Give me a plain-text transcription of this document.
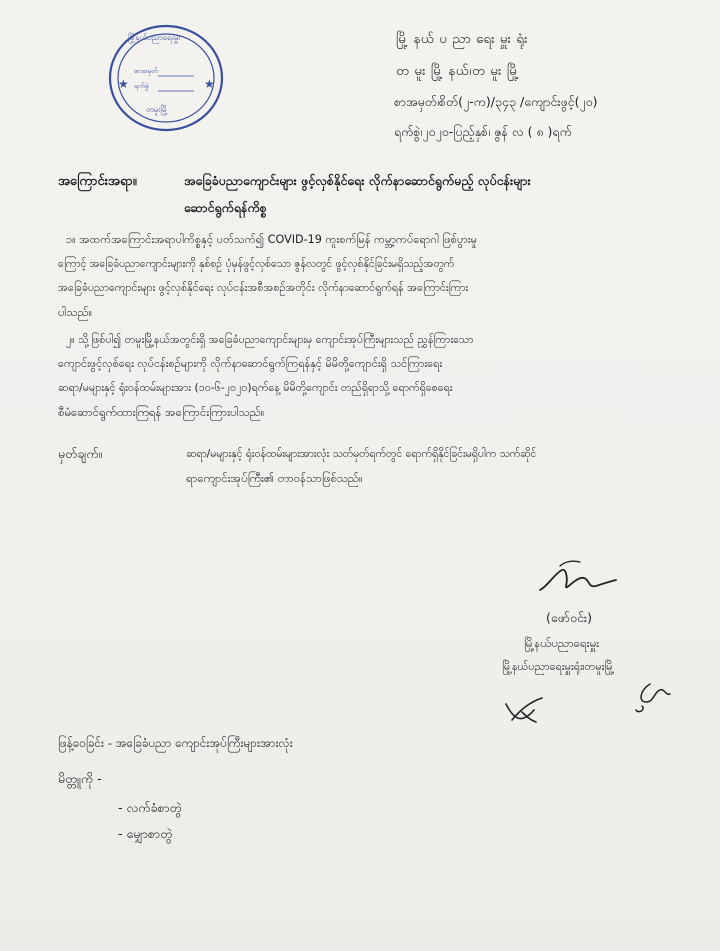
★	★
မြို့နယ်ပညာရေးမှူး
စာအမှတ်
ရက်စွဲ
တမူးမြို့
မြို့ နယ် ပ ညာ ရေး မှူး ရုံး
တ မူး မြို့ နယ်၊တ မူး မြို့
စာအမှတ်၊စိတ်(၂-က)/၃၄၃ /ကျောင်းဖွင့်(၂၀)
ရက်စွဲ၊၂၀၂၀-ပြည့်နှစ်၊ ဇွန် လ ( ၈ )ရက်
အကြောင်းအရာ။	အခြေခံပညာကျောင်းများ ဖွင့်လှစ်နိုင်ရေး လိုက်နာဆောင်ရွက်မည့် လုပ်ငန်းများ
ဆောင်ရွက်ရန်ကိစ္စ
၁။ အထက်အကြောင်းအရာပါကိစ္စနှင့် ပတ်သက်၍ COVID-19 ကူးစက်မြန် ကမ္ဘာ့ကပ်ရောဂါ ဖြစ်ပွားမှု
ကြောင့် အခြေခံပညာကျောင်းများကို နှစ်စဉ် ပုံမှန်ဖွင့်လှစ်သော ဇွန်လတွင် ဖွင့်လှစ်နိုင်ခြင်းမရှိသည့်အတွက်
အခြေခံပညာကျောင်းများ ဖွင့်လှစ်နိုင်ရေး လုပ်ငန်းအစီအစဉ်အတိုင်း လိုက်နာဆောင်ရွက်ရန် အကြောင်းကြား
ပါသည်။
၂။ သို့ဖြစ်ပါ၍ တမူးမြို့နယ်အတွင်းရှိ အခြေခံပညာကျောင်းများမှ ကျောင်းအုပ်ကြီးများသည် ညွှန်ကြားသော
ကျောင်းဖွင့်လှစ်ရေး လုပ်ငန်းစဉ်များကို လိုက်နာဆောင်ရွက်ကြရန်နှင့် မိမိတို့ကျောင်းရှိ သင်ကြားရေး
ဆရာ/မများနှင့် ရုံးဝန်ထမ်းများအား (၁၀-၆-၂၀၂၀)ရက်နေ့ မိမိတို့ကျောင်း တည်ရှိရာသို့ ရောက်ရှိစေရေး
စီမံဆောင်ရွက်ထားကြရန် အကြောင်းကြားပါသည်။
မှတ်ချက်။	ဆရာ/မများနှင့် ရုံးဝန်ထမ်းများအားလုံး သတ်မှတ်ရက်တွင် ရောက်ရှိနိုင်ခြင်းမရှိပါက သက်ဆိုင်
ရာကျောင်းအုပ်ကြီး၏ တာဝန်သာဖြစ်သည်။
(ဖော်ဝင်း)
မြို့နယ်ပညာရေးမှူး
မြို့နယ်ပညာရေးမှူးရုံး၊တမူးမြို့
ဖြန့်ဝေခြင်း - အခြေခံပညာ ကျောင်းအုပ်ကြီးများအားလုံး
မိတ္တူကို -
- လက်ခံစာတွဲ
- မျှောစာတွဲ
